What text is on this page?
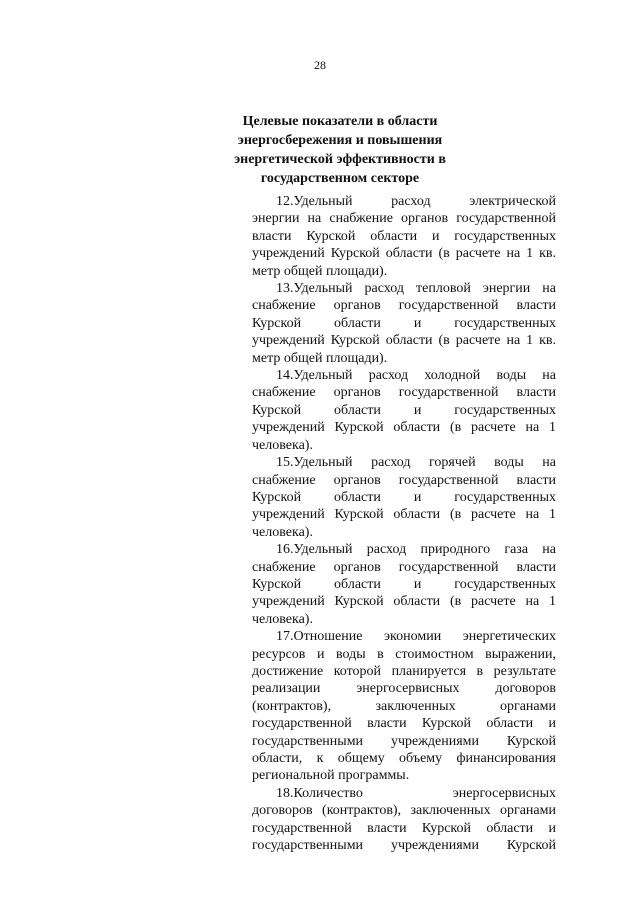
28
Целевые показатели в области
энергосбережения и повышения
энергетической эффективности в
государственном секторе
12.Удельный расход электрической
энергии на снабжение органов государственной
власти Курской области и государственных
учреждений Курской области (в расчете на 1 кв.
метр общей площади).
13.Удельный расход тепловой энергии на
снабжение органов государственной власти
Курской области и государственных
учреждений Курской области (в расчете на 1 кв.
метр общей площади).
14.Удельный расход холодной воды на
снабжение органов государственной власти
Курской области и государственных
учреждений Курской области (в расчете на 1
человека).
15.Удельный расход горячей воды на
снабжение органов государственной власти
Курской области и государственных
учреждений Курской области (в расчете на 1
человека).
16.Удельный расход природного газа на
снабжение органов государственной власти
Курской области и государственных
учреждений Курской области (в расчете на 1
человека).
17.Отношение экономии энергетических
ресурсов и воды в стоимостном выражении,
достижение которой планируется в результате
реализации энергосервисных договоров
(контрактов), заключенных органами
государственной власти Курской области и
государственными учреждениями Курской
области, к общему объему финансирования
региональной программы.
18.Количество энергосервисных
договоров (контрактов), заключенных органами
государственной власти Курской области и
государственными учреждениями Курской
